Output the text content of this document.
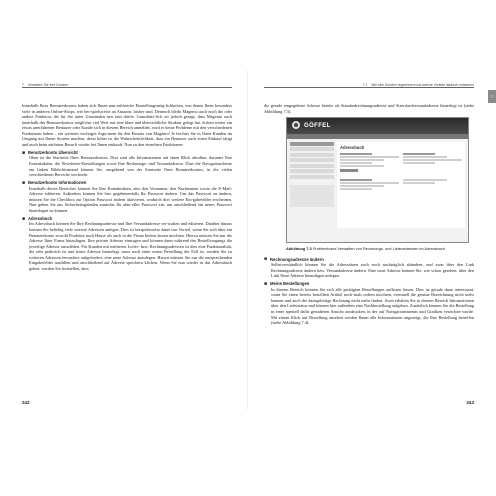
7 Verwalten Sie Ihre Kunden

Innerhalb Ihres Benutzerkontos haben sich Ihnen nun zahlreiche Einstellungsmög-lichkeiten, von denen Ihren besonders viele in anderen Online-Shops, wie bei-spielsweise an Amazon, bisher sind. Dennoch bleibt Magento auch noch die oder andere Funktion, die für Sie unter Umständen neu sein dürfte. Grundsätz-lich sei jedoch gesagt, dass Magento auch innerhalb des Benutzerkontos möglichst viel Wert auf eine klare und übersichtliche Struktur gelegt hat. Sofern weiter ein etwas unerfahrener Benutzer oder Kunde sich in diesem Bereich anmeldet, wird er keine Probleme mit den verschiedenen Funktionen haben – ein weiteres wichtiges Argu-ment für den Einsatz von Magento! Je leichter Sie es Ihren Kunden im Umgang mit Ihrem System machen, desto höher ist die Wahrscheinlichkeit, dass ein Benutzer auch einen Einkauf tätigt und auch beim nächsten Besuch wieder bei Ihnen einkauft. Nun zu den einzelnen Funktionen:

■ Benutzerkonto Übersicht
Oben ist die Startseite Ihres Benutzerkontos. Dort sind alle Informationen auf einen Blick abrufbar, darunter Ihre Kontaktdaten, die Newsletter-Einstellungen sowie Ihre Rechnungs- und Versandadresse. Über die Navigationsleiste am linken Bildschirmrand können Sie, ausgehend von der Startseite Ihres Benutzerkontos, in die vielen verschiedenen Bereiche wechseln.
■ Benutzerkonto Informationen
Innerhalb dieses Bereiches können Sie Ihre Kontaktdaten, also den Vornamen, den Nachnamen sowie die E-Mail-Adresse editieren. Außerdem können Sie hier gegebenenfalls Ihr Passwort ändern. Um das Passwort zu ändern, müssen Sie die Checkbox zur Option Passwort ändern aktivieren, wodurch drei weitere Ein-gabefelder erscheinen. Nun geben Sie aus Sicherheitsgründen zunächst Ihr aktu-elles Passwort ein, um anschließend ein neues Passwort hinterlegen zu können.
■ Adressbuch
Im Adressbuch können Sie Ihre Rechnungsadresse und Ihre Versandadresse ver-walten und editieren. Darüber hinaus können Sie beliebig viele weitere Adressen anlegen. Dies ist beispielsweise dann von Vorteil, wenn Sie sich über ein Benutzerkonto sowohl Produkte nach Hause als auch in die Firma liefern lassen möchten. Hierzu müssen Sie nur die Adresse Ihrer Firma hinzufügen. Ihre private Adresse eintragen und können dann während des Bestellvorgangs die jeweilige Adresse auswählen. Für Kunden mit mehreren Liefer- bzw. Rechnungsadressen ist dies eine Funktionalität, die sehr praktisch ist und keine Adresse hinterlegt, muss nach einer ersten Bestellung der Fall ist, werden Sie zu weiteren Adressen besonders aufgefordert, eine neue Adresse anzulegen. Hierzu müssen Sie nur die entsprechenden Eingabefelder ausfüllen und anschließend auf Adresse speichern klicken. Wenn Sie nun wieder in das Adressbuch gehen, werden Sie feststellen, dass
242
7.1 Wie sich Kunden registrieren und welche Vorteile dadurch entstehen

die gerade eingegebene Adresse bereits als Standardrechnungsadresse und Stan-dardversandadresse hinterlegt ist (siehe Abbildung 7.3).

GÖFFEL
Adressbuch
Abbildung 7.3 Problemloses Verwalten von Rechnungs- und Lieferadressen im Adressbuch
■ Rechnungsadresse ändern
Selbstverständlich können Sie die Adressdaten auch noch nachträglich abändern, und zwar über den Link Rechnungsadresse ändern bzw. Versandadresse ändern. Eine neue Adresse können Sie, wie schon gesehen, über den Link Neue Adresse hinzufügen anlegen.
■ Meine Bestellungen
In diesem Bereich können Sie sich alle getätigten Bestellungen auflisten lassen. Dies ist gerade dann interessant, wenn Sie einen bereits bestellten Artikel noch-mals ordern möchten, eventuell die genaue Bezeichnung nicht mehr kennen und auch die dazugehörige Rechnung nicht mehr finden. Auch erhalten Sie in diesem Bereich Informationen über den Lieferstatus und können hier außerdem eine Nachbestellung aufgeben. Zusätzlich können Sie die Bestellung in einer speziell dafür gestalteten Ansicht ausdrucken, in der auf Navigationsmenüs und Grafiken verzichtet wurde. Mit einem Klick auf Bestellung ansehen werden Ihnen alle Informationen angezeigt, die Ihre Bestellung betreffen (siehe Abbildung 7.4).
243
7
